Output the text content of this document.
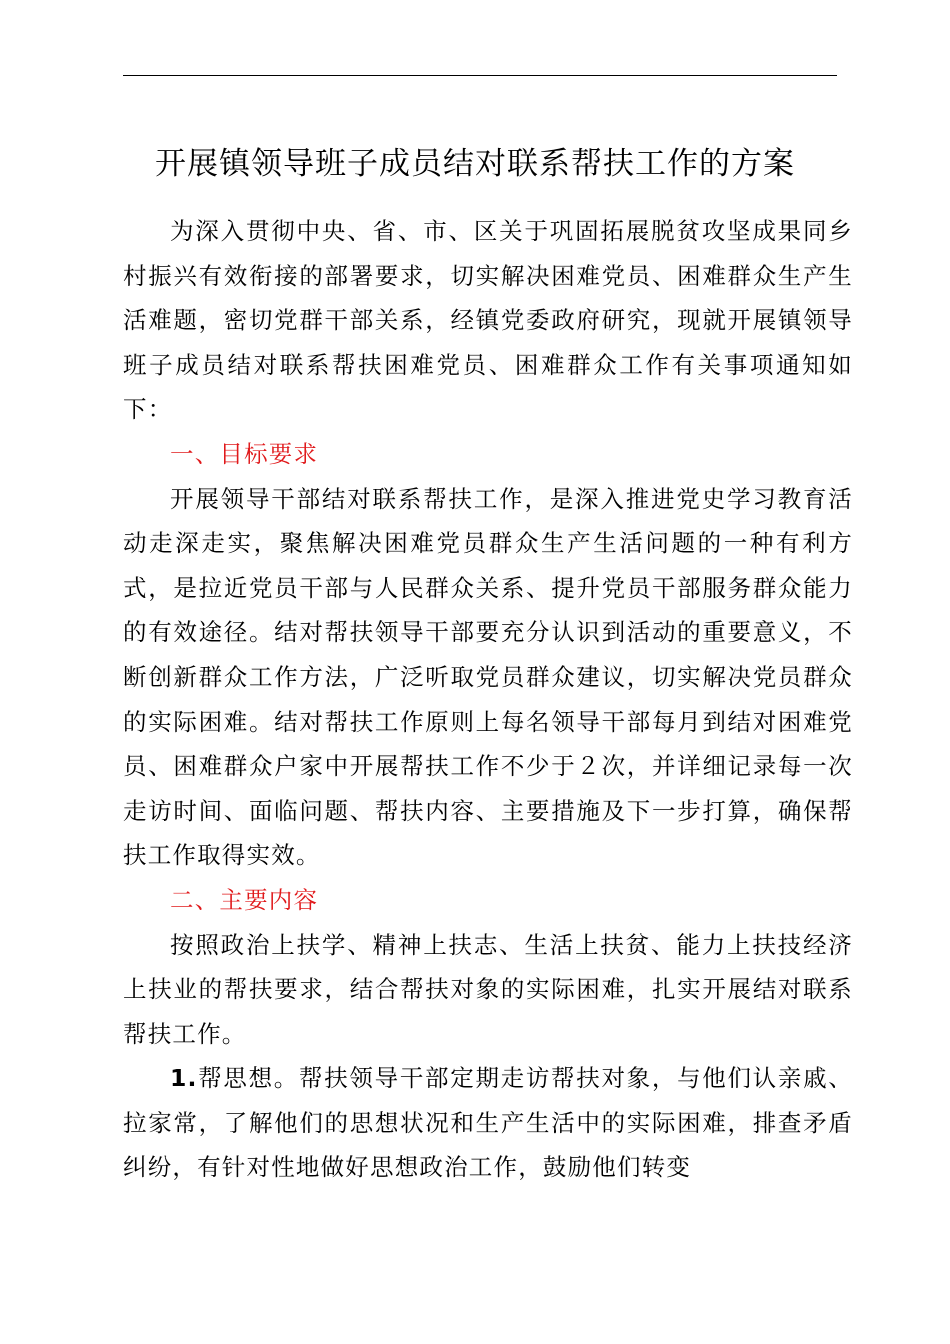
开展镇领导班子成员结对联系帮扶工作的方案

为深入贯彻中央、省、市、区关于巩固拓展脱贫攻坚成果同乡村振兴有效衔接的部署要求，切实解决困难党员、困难群众生产生活难题，密切党群干部关系，经镇党委政府研究，现就开展镇领导班子成员结对联系帮扶困难党员、困难群众工作有关事项通知如下：

一、目标要求

开展领导干部结对联系帮扶工作，是深入推进党史学习教育活动走深走实，聚焦解决困难党员群众生产生活问题的一种有利方式，是拉近党员干部与人民群众关系、提升党员干部服务群众能力的有效途径。结对帮扶领导干部要充分认识到活动的重要意义，不断创新群众工作方法，广泛听取党员群众建议，切实解决党员群众的实际困难。结对帮扶工作原则上每名领导干部每月到结对困难党员、困难群众户家中开展帮扶工作不少于２次，并详细记录每一次走访时间、面临问题、帮扶内容、主要措施及下一步打算，确保帮扶工作取得实效。

二、主要内容

按照政治上扶学、精神上扶志、生活上扶贫、能力上扶技经济上扶业的帮扶要求，结合帮扶对象的实际困难，扎实开展结对联系帮扶工作。

1.帮思想。帮扶领导干部定期走访帮扶对象，与他们认亲戚、拉家常，了解他们的思想状况和生产生活中的实际困难，排查矛盾纠纷，有针对性地做好思想政治工作，鼓励他们转变
